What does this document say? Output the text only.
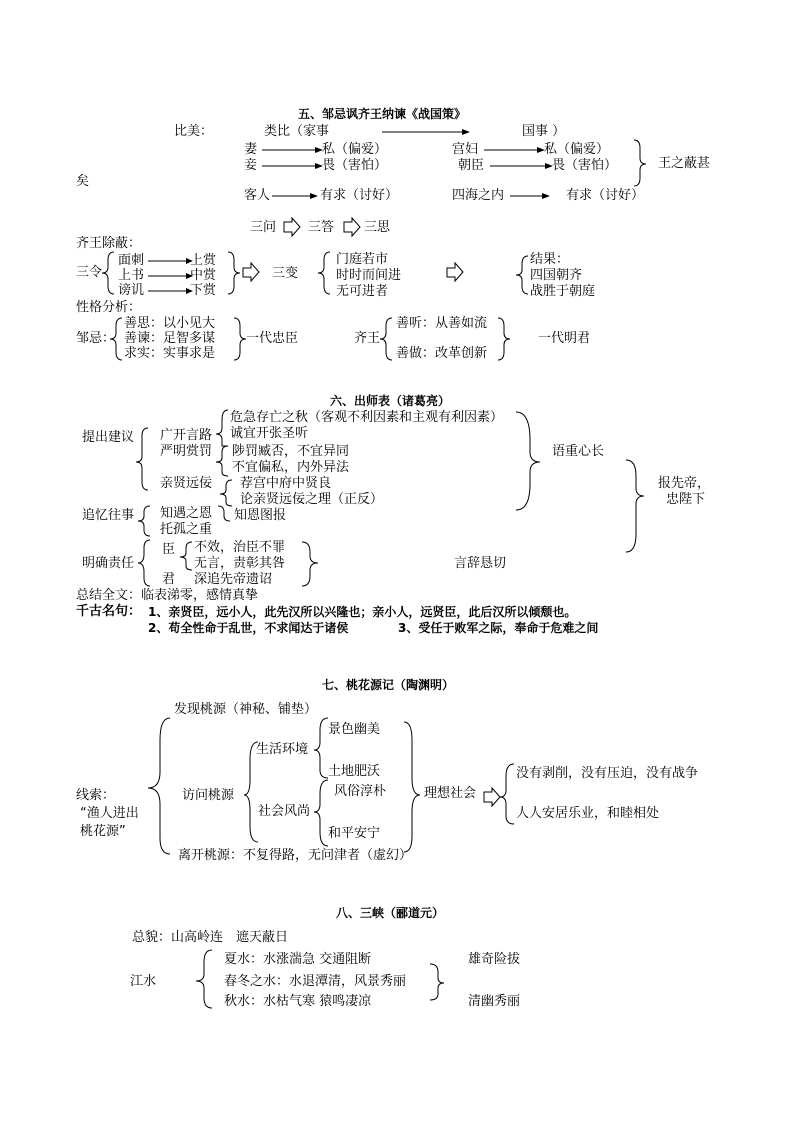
五、邹忌讽齐王纳谏《战国策》
比美：	类比（家事	国事 ）
妻	私（偏爱）	宫妇	私（偏爱）
妾	畏（害怕）	朝臣	畏（害怕）	王之蔽甚
矣
客人	有求（讨好）	四海之内	有求（讨好）
三问 三答 三思
齐王除蔽：
三令
面刺	上赏
上书	中赏
谤讥	下赏
三变
门庭若市
时时而间进
无可进者
结果：
四国朝齐
战胜于朝庭
性格分析：
邹忌：
善思：以小见大
善谏：足智多谋
求实：实事求是
一代忠臣	齐王
善听：从善如流
善做：改革创新
一代明君
六、出师表（诸葛亮）
提出建议 广开言路
严明赏罚
亲贤远佞
危急存亡之秋（客观不利因素和主观有利因素）
诚宜开张圣听
陟罚臧否，不宜异同
不宜偏私，内外异法
荐宫中府中贤良
论亲贤远佞之理（正反）
语重心长
报先帝，
忠陛下
追忆往事 知遇之恩
托孤之重
知恩图报
明确责任
臣 不效，治臣不罪
无言，责彰其咎
君 深追先帝遗诏
言辞恳切
总结全文：临表涕零，感情真挚
千古名句： 1、亲贤臣，远小人，此先汉所以兴隆也；亲小人，远贤臣，此后汉所以倾颓也。
2、苟全性命于乱世，不求闻达于诸侯	3、受任于败军之际，奉命于危难之间
七、桃花源记（陶渊明）
发现桃源（神秘、铺垫）
访问桃源
离开桃源：不复得路，无问津者（虚幻）
生活环境
景色幽美
土地肥沃
社会风尚
风俗淳朴
和平安宁
理想社会
没有剥削，没有压迫，没有战争
人人安居乐业，和睦相处
线索：
“渔人进出
桃花源”
八、三峡（郦道元）
总貌：山高岭连　遮天蔽日
江水
夏水：水涨湍急 交通阻断
春冬之水：水退潭清，风景秀丽
秋水：水枯气寒 猿鸣凄凉
雄奇险拔
清幽秀丽
